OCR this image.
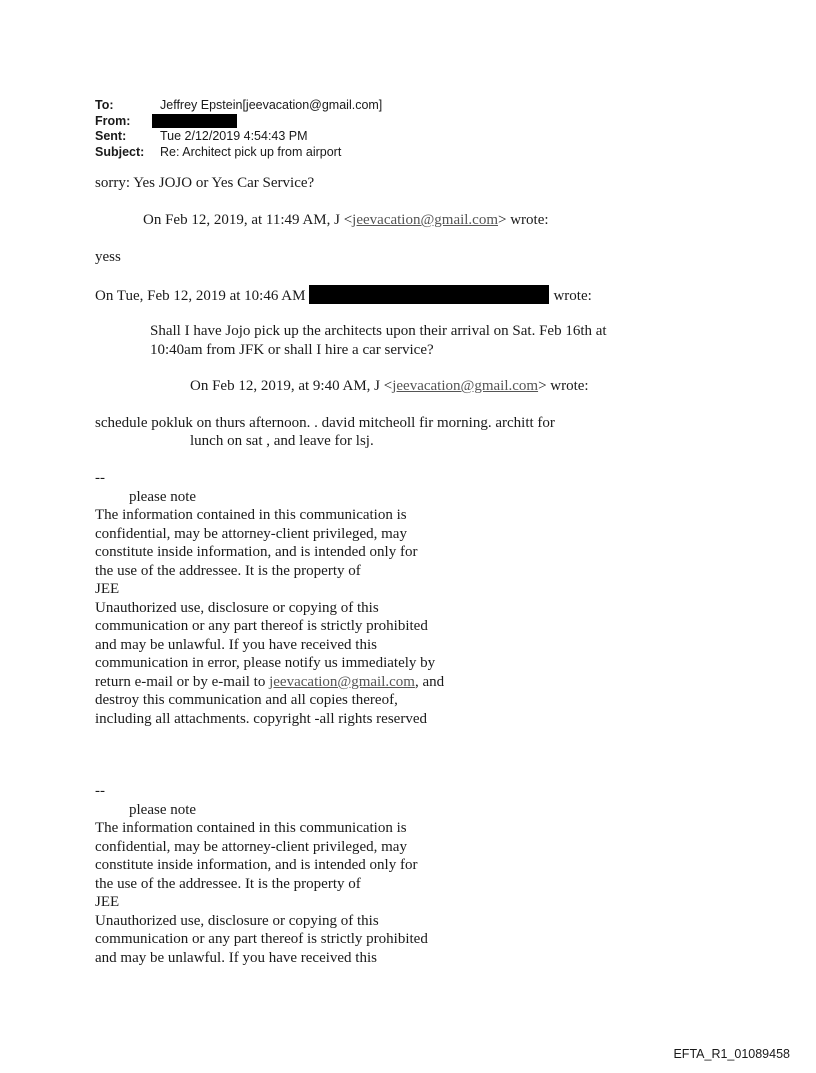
To:	Jeffrey Epstein[jeevacation@gmail.com]
From:
Sent:	Tue 2/12/2019 4:54:43 PM
Subject:	Re: Architect pick up from airport
sorry: Yes JOJO or Yes Car Service?
On Feb 12, 2019, at 11:49 AM, J <jeevacation@gmail.com> wrote:
yess
On Tue, Feb 12, 2019 at 10:46 AM	wrote:
Shall I have Jojo pick up the architects upon their arrival on Sat. Feb 16th at
10:40am from JFK or shall I hire a car service?
On Feb 12, 2019, at 9:40 AM, J <jeevacation@gmail.com> wrote:
schedule pokluk on thurs afternoon. . david mitcheoll fir morning. architt for
lunch on sat , and leave for lsj.
--
please note
The information contained in this communication is
confidential, may be attorney-client privileged, may
constitute inside information, and is intended only for
the use of the addressee. It is the property of
JEE
Unauthorized use, disclosure or copying of this
communication or any part thereof is strictly prohibited
and may be unlawful. If you have received this
communication in error, please notify us immediately by
return e-mail or by e-mail to jeevacation@gmail.com, and
destroy this communication and all copies thereof,
including all attachments. copyright -all rights reserved
--
please note
The information contained in this communication is
confidential, may be attorney-client privileged, may
constitute inside information, and is intended only for
the use of the addressee. It is the property of
JEE
Unauthorized use, disclosure or copying of this
communication or any part thereof is strictly prohibited
and may be unlawful. If you have received this
EFTA_R1_01089458
